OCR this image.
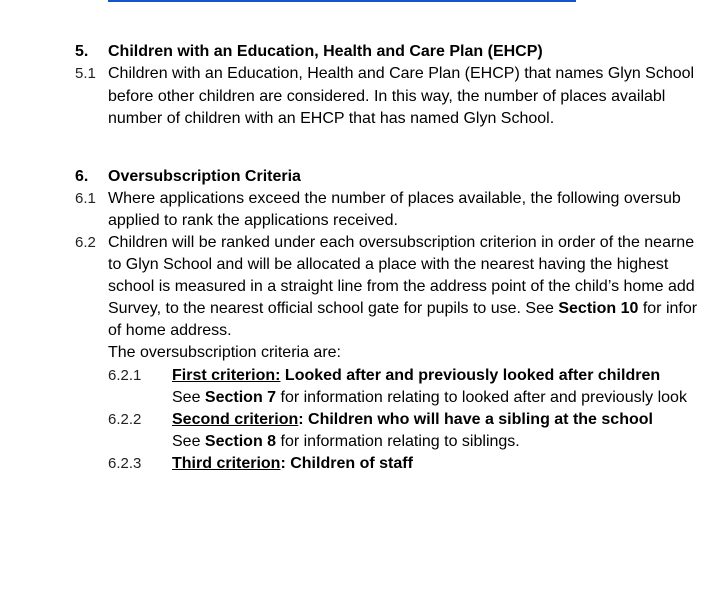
5. Children with an Education, Health and Care Plan (EHCP)
5.1 Children with an Education, Health and Care Plan (EHCP) that names Glyn School
before other children are considered. In this way, the number of places availabl
number of children with an EHCP that has named Glyn School.
6. Oversubscription Criteria
6.1 Where applications exceed the number of places available, the following oversub
applied to rank the applications received.
6.2 Children will be ranked under each oversubscription criterion in order of the nearne
to Glyn School and will be allocated a place with the nearest having the highest
school is measured in a straight line from the address point of the child’s home add
Survey, to the nearest official school gate for pupils to use. See Section 10 for infor
of home address.
The oversubscription criteria are:
6.2.1 First criterion: Looked after and previously looked after children
See Section 7 for information relating to looked after and previously look
6.2.2 Second criterion: Children who will have a sibling at the school
See Section 8 for information relating to siblings.
6.2.3 Third criterion: Children of staff
